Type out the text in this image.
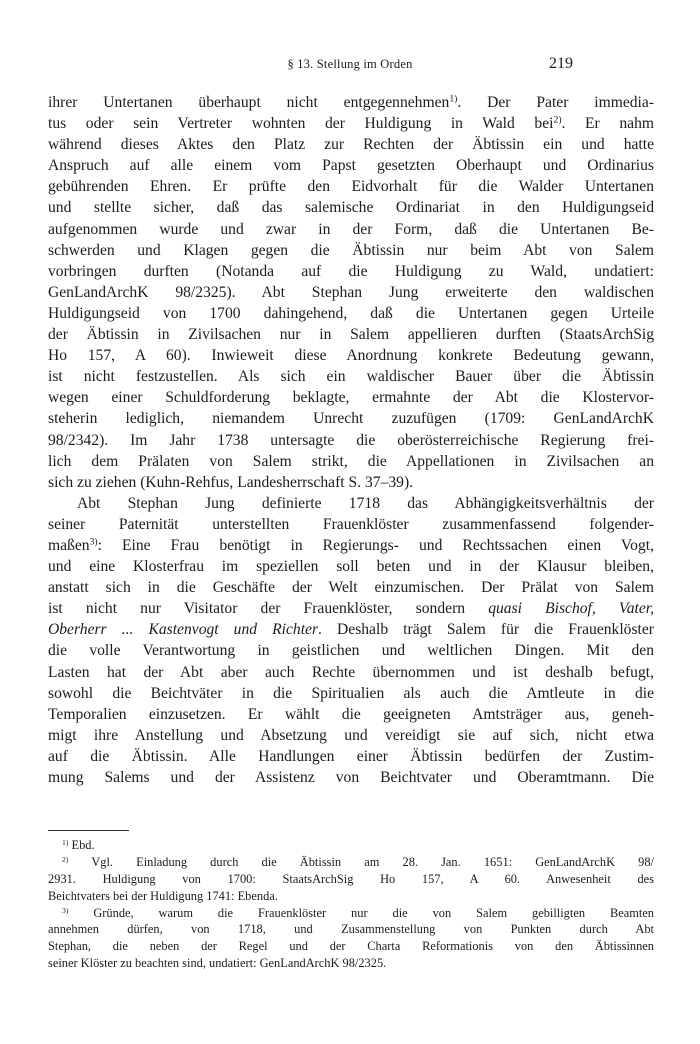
§ 13. Stellung im Orden	219
ihrer Untertanen überhaupt nicht entgegennehmen$^{1)}$. Der Pater immedia-
tus oder sein Vertreter wohnten der Huldigung in Wald bei$^{2)}$. Er nahm
während dieses Aktes den Platz zur Rechten der Äbtissin ein und hatte
Anspruch auf alle einem vom Papst gesetzten Oberhaupt und Ordinarius
gebührenden Ehren. Er prüfte den Eidvorhalt für die Walder Untertanen
und stellte sicher, daß das salemische Ordinariat in den Huldigungseid
aufgenommen wurde und zwar in der Form, daß die Untertanen Be-
schwerden und Klagen gegen die Äbtissin nur beim Abt von Salem
vorbringen durften (Notanda auf die Huldigung zu Wald, undatiert:
GenLandArchK 98/2325). Abt Stephan Jung erweiterte den waldischen
Huldigungseid von 1700 dahingehend, daß die Untertanen gegen Urteile
der Äbtissin in Zivilsachen nur in Salem appellieren durften (StaatsArchSig
Ho 157, A 60). Inwieweit diese Anordnung konkrete Bedeutung gewann,
ist nicht festzustellen. Als sich ein waldischer Bauer über die Äbtissin
wegen einer Schuldforderung beklagte, ermahnte der Abt die Klostervor-
steherin lediglich, niemandem Unrecht zuzufügen (1709: GenLandArchK
98/2342). Im Jahr 1738 untersagte die oberösterreichische Regierung frei-
lich dem Prälaten von Salem strikt, die Appellationen in Zivilsachen an
sich zu ziehen (Kuhn-Rehfus, Landesherrschaft S. 37–39).
Abt Stephan Jung definierte 1718 das Abhängigkeitsverhältnis der
seiner Paternität unterstellten Frauenklöster zusammenfassend folgender-
maßen$^{3)}$: Eine Frau benötigt in Regierungs- und Rechtssachen einen Vogt,
und eine Klosterfrau im speziellen soll beten und in der Klausur bleiben,
anstatt sich in die Geschäfte der Welt einzumischen. Der Prälat von Salem
ist nicht nur Visitator der Frauenklöster, sondern quasi Bischof, Vater,
Oberherr ... Kastenvogt und Richter. Deshalb trägt Salem für die Frauenklöster
die volle Verantwortung in geistlichen und weltlichen Dingen. Mit den
Lasten hat der Abt aber auch Rechte übernommen und ist deshalb befugt,
sowohl die Beichtväter in die Spiritualien als auch die Amtleute in die
Temporalien einzusetzen. Er wählt die geeigneten Amtsträger aus, geneh-
migt ihre Anstellung und Absetzung und vereidigt sie auf sich, nicht etwa
auf die Äbtissin. Alle Handlungen einer Äbtissin bedürfen der Zustim-
mung Salems und der Assistenz von Beichtvater und Oberamtmann. Die
$^{1)}$ Ebd.
$^{2)}$ Vgl. Einladung durch die Äbtissin am 28. Jan. 1651: GenLandArchK 98/
2931. Huldigung von 1700: StaatsArchSig Ho 157, A 60. Anwesenheit des
Beichtvaters bei der Huldigung 1741: Ebenda.
$^{3)}$ Gründe, warum die Frauenklöster nur die von Salem gebilligten Beamten
annehmen dürfen, von 1718, und Zusammenstellung von Punkten durch Abt
Stephan, die neben der Regel und der Charta Reformationis von den Äbtissinnen
seiner Klöster zu beachten sind, undatiert: GenLandArchK 98/2325.
